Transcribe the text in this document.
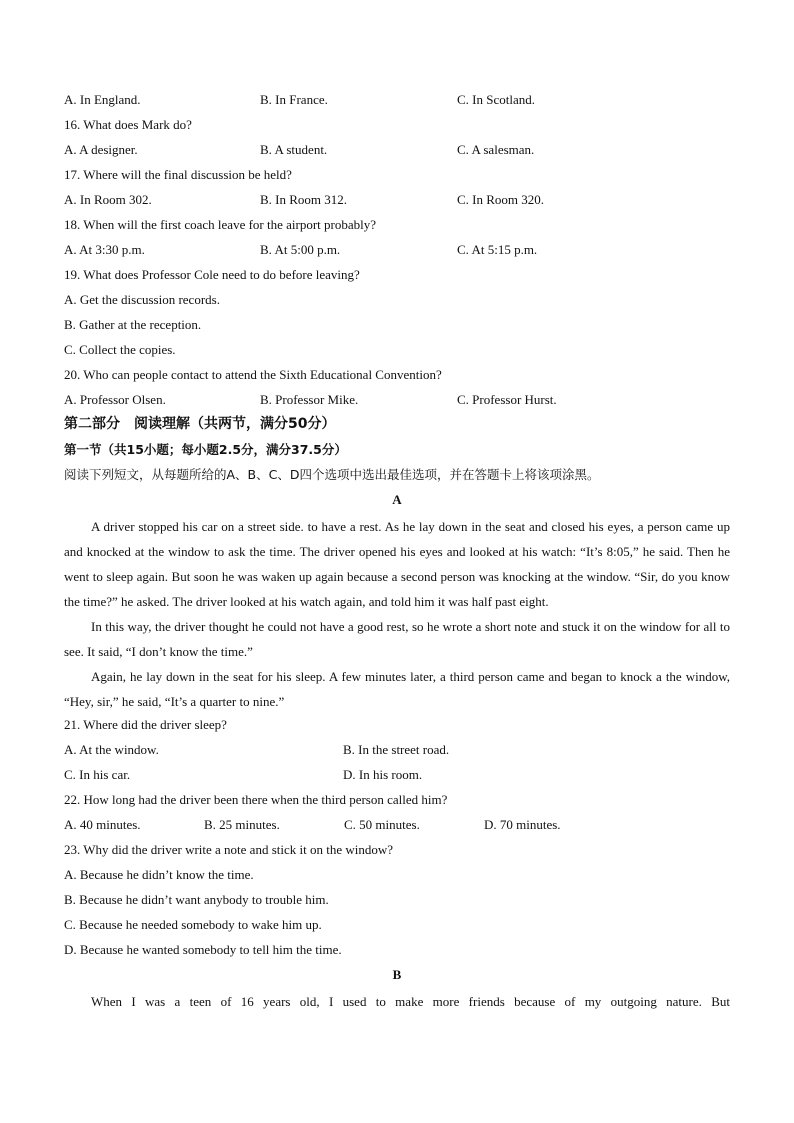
A. In England.	B. In France.	C. In Scotland.
16. What does Mark do?
A. A designer.	B. A student.	C. A salesman.
17. Where will the final discussion be held?
A. In Room 302.	B. In Room 312.	C. In Room 320.
18. When will the first coach leave for the airport probably?
A. At 3:30 p.m.	B. At 5:00 p.m.	C. At 5:15 p.m.
19. What does Professor Cole need to do before leaving?
A. Get the discussion records.
B. Gather at the reception.
C. Collect the copies.
20. Who can people contact to attend the Sixth Educational Convention?
A. Professor Olsen.	B. Professor Mike.	C. Professor Hurst.
第二部分　阅读理解（共两节，满分50分）
第一节（共15小题；每小题2.5分，满分37.5分）
阅读下列短文，从每题所给的A、B、C、D四个选项中选出最佳选项，并在答题卡上将该项涂黑。
A

A driver stopped his car on a street side. to have a rest. As he lay down in the seat and closed his eyes, a person came up and knocked at the window to ask the time. The driver opened his eyes and looked at his watch: “It’s 8:05,” he said. Then he went to sleep again. But soon he was waken up again because a second person was knocking at the window. “Sir, do you know the time?” he asked. The driver looked at his watch again, and told him it was half past eight.

In this way, the driver thought he could not have a good rest, so he wrote a short note and stuck it on the window for all to see. It said, “I don’t know the time.”

Again, he lay down in the seat for his sleep. A few minutes later, a third person came and began to knock a the window, “Hey, sir,” he said, “It’s a quarter to nine.”

21. Where did the driver sleep?
A. At the window.	B. In the street road.
C. In his car.	D. In his room.
22. How long had the driver been there when the third person called him?
A. 40 minutes.	B. 25 minutes.	C. 50 minutes.	D. 70 minutes.
23. Why did the driver write a note and stick it on the window?
A. Because he didn’t know the time.
B. Because he didn’t want anybody to trouble him.
C. Because he needed somebody to wake him up.
D. Because he wanted somebody to tell him the time.
B

When I was a teen of 16 years old, I used to make more friends because of my outgoing nature. But
